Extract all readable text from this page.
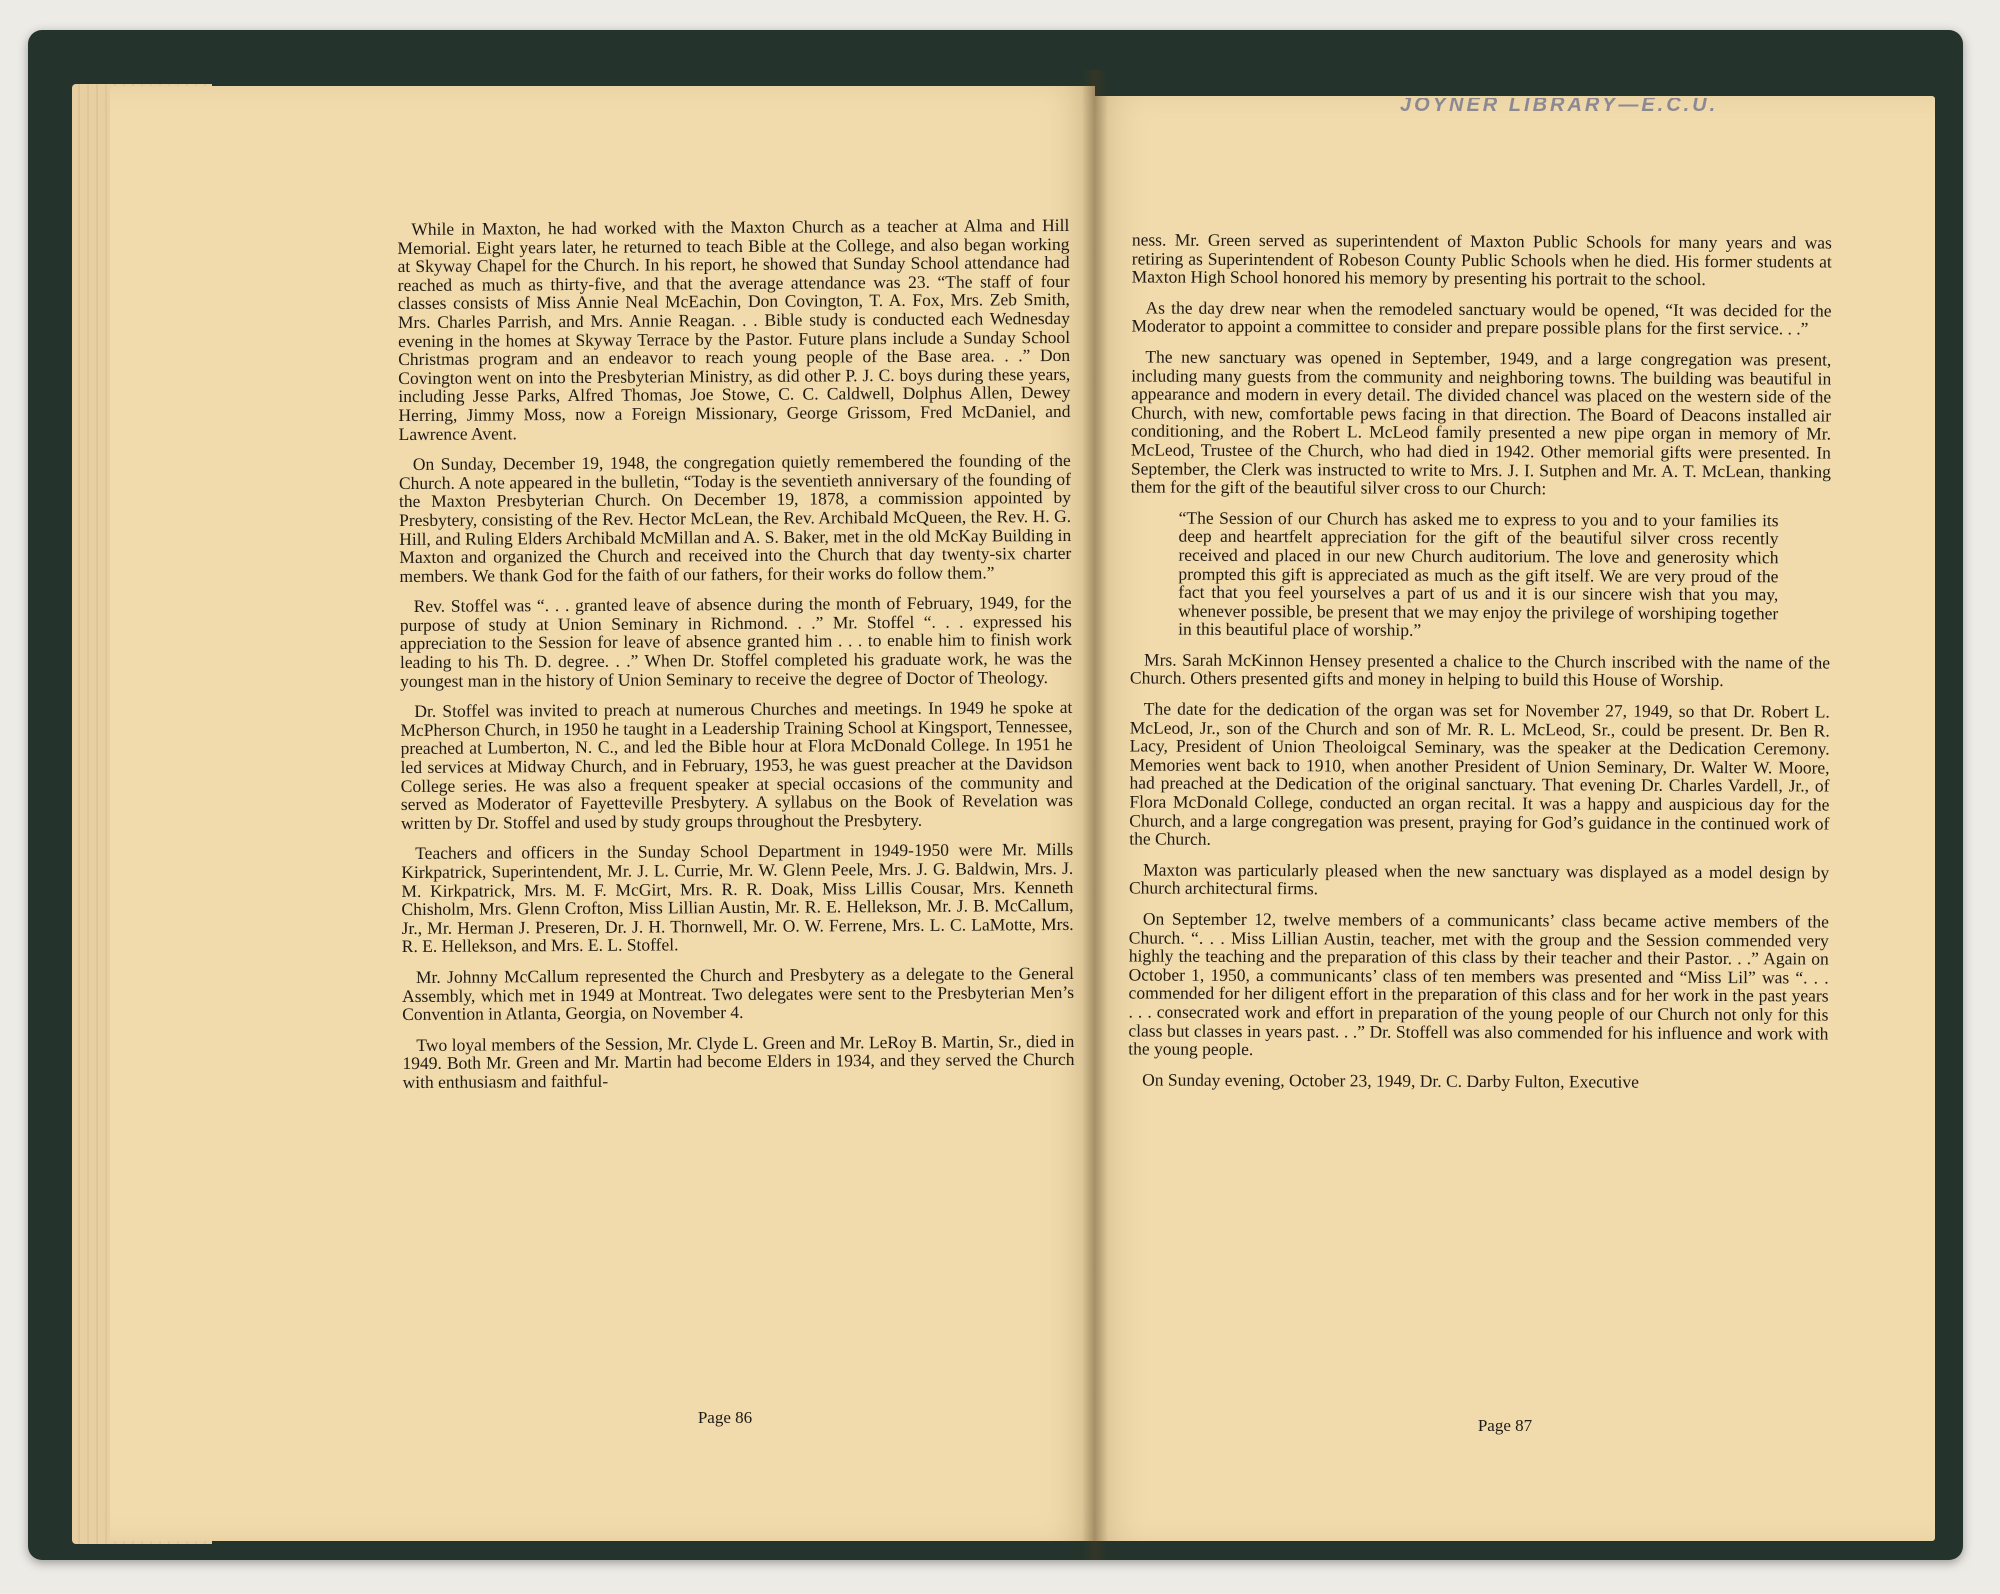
While in Maxton, he had worked with the Maxton Church as a teacher at Alma and Hill Memorial. Eight years later, he returned to teach Bible at the College, and also began working at Skyway Chapel for the Church. In his report, he showed that Sunday School attendance had reached as much as thirty-five, and that the average attendance was 23. “The staff of four classes consists of Miss Annie Neal McEachin, Don Covington, T. A. Fox, Mrs. Zeb Smith, Mrs. Charles Parrish, and Mrs. Annie Reagan. . . Bible study is conducted each Wednesday evening in the homes at Skyway Terrace by the Pastor. Future plans include a Sunday School Christmas program and an endeavor to reach young people of the Base area. . .” Don Covington went on into the Presbyterian Ministry, as did other P. J. C. boys during these years, including Jesse Parks, Alfred Thomas, Joe Stowe, C. C. Caldwell, Dolphus Allen, Dewey Herring, Jimmy Moss, now a Foreign Missionary, George Grissom, Fred McDaniel, and Lawrence Avent.

On Sunday, December 19, 1948, the congregation quietly remembered the founding of the Church. A note appeared in the bulletin, “Today is the seventieth anniversary of the founding of the Maxton Presbyterian Church. On December 19, 1878, a commission appointed by Presbytery, consisting of the Rev. Hector McLean, the Rev. Archibald McQueen, the Rev. H. G. Hill, and Ruling Elders Archibald McMillan and A. S. Baker, met in the old McKay Building in Maxton and organized the Church and received into the Church that day twenty-six charter members. We thank God for the faith of our fathers, for their works do follow them.”

Rev. Stoffel was “. . . granted leave of absence during the month of February, 1949, for the purpose of study at Union Seminary in Richmond. . .” Mr. Stoffel “. . . expressed his appreciation to the Session for leave of absence granted him . . . to enable him to finish work leading to his Th. D. degree. . .” When Dr. Stoffel completed his graduate work, he was the youngest man in the history of Union Seminary to receive the degree of Doctor of Theology.

Dr. Stoffel was invited to preach at numerous Churches and meetings. In 1949 he spoke at McPherson Church, in 1950 he taught in a Leadership Training School at Kingsport, Tennessee, preached at Lumberton, N. C., and led the Bible hour at Flora McDonald College. In 1951 he led services at Midway Church, and in February, 1953, he was guest preacher at the Davidson College series. He was also a frequent speaker at special occasions of the community and served as Moderator of Fayetteville Presbytery. A syllabus on the Book of Revelation was written by Dr. Stoffel and used by study groups throughout the Presbytery.

Teachers and officers in the Sunday School Department in 1949-1950 were Mr. Mills Kirkpatrick, Superintendent, Mr. J. L. Currie, Mr. W. Glenn Peele, Mrs. J. G. Baldwin, Mrs. J. M. Kirkpatrick, Mrs. M. F. McGirt, Mrs. R. R. Doak, Miss Lillis Cousar, Mrs. Kenneth Chisholm, Mrs. Glenn Crofton, Miss Lillian Austin, Mr. R. E. Hellekson, Mr. J. B. McCallum, Jr., Mr. Herman J. Preseren, Dr. J. H. Thornwell, Mr. O. W. Ferrene, Mrs. L. C. LaMotte, Mrs. R. E. Hellekson, and Mrs. E. L. Stoffel.

Mr. Johnny McCallum represented the Church and Presbytery as a delegate to the General Assembly, which met in 1949 at Montreat. Two delegates were sent to the Presbyterian Men’s Convention in Atlanta, Georgia, on November 4.

Two loyal members of the Session, Mr. Clyde L. Green and Mr. LeRoy B. Martin, Sr., died in 1949. Both Mr. Green and Mr. Martin had become Elders in 1934, and they served the Church with enthusiasm and faithful-

Page 86

ness. Mr. Green served as superintendent of Maxton Public Schools for many years and was retiring as Superintendent of Robeson County Public Schools when he died. His former students at Maxton High School honored his memory by presenting his portrait to the school.

As the day drew near when the remodeled sanctuary would be opened, “It was decided for the Moderator to appoint a committee to consider and prepare possible plans for the first service. . .”

The new sanctuary was opened in September, 1949, and a large congregation was present, including many guests from the community and neighboring towns. The building was beautiful in appearance and modern in every detail. The divided chancel was placed on the western side of the Church, with new, comfortable pews facing in that direction. The Board of Deacons installed air conditioning, and the Robert L. McLeod family presented a new pipe organ in memory of Mr. McLeod, Trustee of the Church, who had died in 1942. Other memorial gifts were presented. In September, the Clerk was instructed to write to Mrs. J. I. Sutphen and Mr. A. T. McLean, thanking them for the gift of the beautiful silver cross to our Church:

“The Session of our Church has asked me to express to you and to your families its deep and heartfelt appreciation for the gift of the beautiful silver cross recently received and placed in our new Church auditorium. The love and generosity which prompted this gift is appreciated as much as the gift itself. We are very proud of the fact that you feel yourselves a part of us and it is our sincere wish that you may, whenever possible, be present that we may enjoy the privilege of worshiping together in this beautiful place of worship.”

Mrs. Sarah McKinnon Hensey presented a chalice to the Church inscribed with the name of the Church. Others presented gifts and money in helping to build this House of Worship.

The date for the dedication of the organ was set for November 27, 1949, so that Dr. Robert L. McLeod, Jr., son of the Church and son of Mr. R. L. McLeod, Sr., could be present. Dr. Ben R. Lacy, President of Union Theoloigcal Seminary, was the speaker at the Dedication Ceremony. Memories went back to 1910, when another President of Union Seminary, Dr. Walter W. Moore, had preached at the Dedication of the original sanctuary. That evening Dr. Charles Vardell, Jr., of Flora McDonald College, conducted an organ recital. It was a happy and auspicious day for the Church, and a large congregation was present, praying for God’s guidance in the continued work of the Church.

Maxton was particularly pleased when the new sanctuary was displayed as a model design by Church architectural firms.

On September 12, twelve members of a communicants’ class became active members of the Church. “. . . Miss Lillian Austin, teacher, met with the group and the Session commended very highly the teaching and the preparation of this class by their teacher and their Pastor. . .” Again on October 1, 1950, a communicants’ class of ten members was presented and “Miss Lil” was “. . . commended for her diligent effort in the preparation of this class and for her work in the past years . . . consecrated work and effort in preparation of the young people of our Church not only for this class but classes in years past. . .” Dr. Stoffell was also commended for his influence and work with the young people.

On Sunday evening, October 23, 1949, Dr. C. Darby Fulton, Executive

Page 87
JOYNER LIBRARY—E.C.U.
